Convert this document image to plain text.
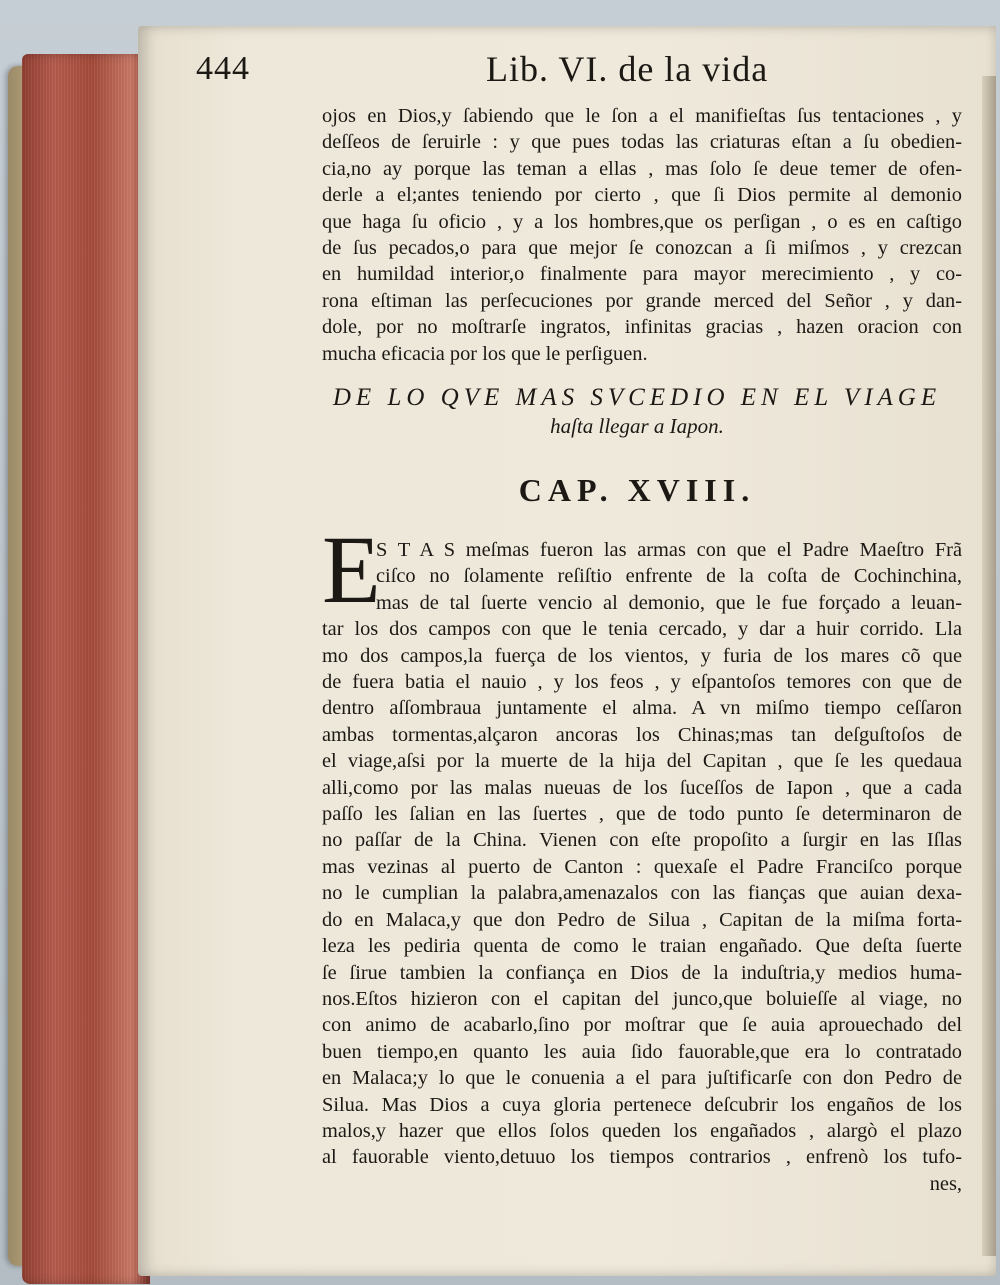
444	Lib. VI. de la vida
ojos en Dios,y ſabiendo que le ſon a el manifieſtas ſus tentaciones , y
deſſeos de ſeruirle : y que pues todas las criaturas eſtan a ſu obedien-
cia,no ay porque las teman a ellas , mas ſolo ſe deue temer de ofen-
derle a el;antes teniendo por cierto , que ſi Dios permite al demonio
que haga ſu oficio , y a los hombres,que os perſigan , o es en caſtigo
de ſus pecados,o para que mejor ſe conozcan a ſi miſmos , y crezcan
en humildad interior,o finalmente para mayor merecimiento , y co-
rona eſtiman las perſecuciones por grande merced del Señor , y dan-
dole, por no moſtrarſe ingratos, infinitas gracias , hazen oracion con
mucha eficacia por los que le perſiguen.
DE LO QVE MAS SVCEDIO EN EL VIAGE
haſta llegar a Iapon.
CAP. XVIII.
E
S T A S meſmas fueron las armas con que el Padre Maeſtro Frã
ciſco no ſolamente reſiſtio enfrente de la coſta de Cochinchina,
mas de tal ſuerte vencio al demonio, que le fue forçado a leuan-
tar los dos campos con que le tenia cercado, y dar a huir corrido. Lla
mo dos campos,la fuerça de los vientos, y furia de los mares cõ que
de fuera batia el nauio , y los feos , y eſpantoſos temores con que de
dentro aſſombraua juntamente el alma. A vn miſmo tiempo ceſſaron
ambas tormentas,alçaron ancoras los Chinas;mas tan deſguſtoſos de
el viage,aſsi por la muerte de la hija del Capitan , que ſe les quedaua
alli,como por las malas nueuas de los ſuceſſos de Iapon , que a cada
paſſo les ſalian en las ſuertes , que de todo punto ſe determinaron de
no paſſar de la China. Vienen con eſte propoſito a ſurgir en las Iſlas
mas vezinas al puerto de Canton : quexaſe el Padre Franciſco porque
no le cumplian la palabra,amenazalos con las fianças que auian dexa-
do en Malaca,y que don Pedro de Silua , Capitan de la miſma forta-
leza les pediria quenta de como le traian engañado. Que deſta ſuerte
ſe ſirue tambien la confiança en Dios de la induſtria,y medios huma-
nos.Eſtos hizieron con el capitan del junco,que boluieſſe al viage, no
con animo de acabarlo,ſino por moſtrar que ſe auia aprouechado del
buen tiempo,en quanto les auia ſido fauorable,que era lo contratado
en Malaca;y lo que le conuenia a el para juſtificarſe con don Pedro de
Silua. Mas Dios a cuya gloria pertenece deſcubrir los engaños de los
malos,y hazer que ellos ſolos queden los engañados , alargò el plazo
al fauorable viento,detuuo los tiempos contrarios , enfrenò los tufo-
nes,
